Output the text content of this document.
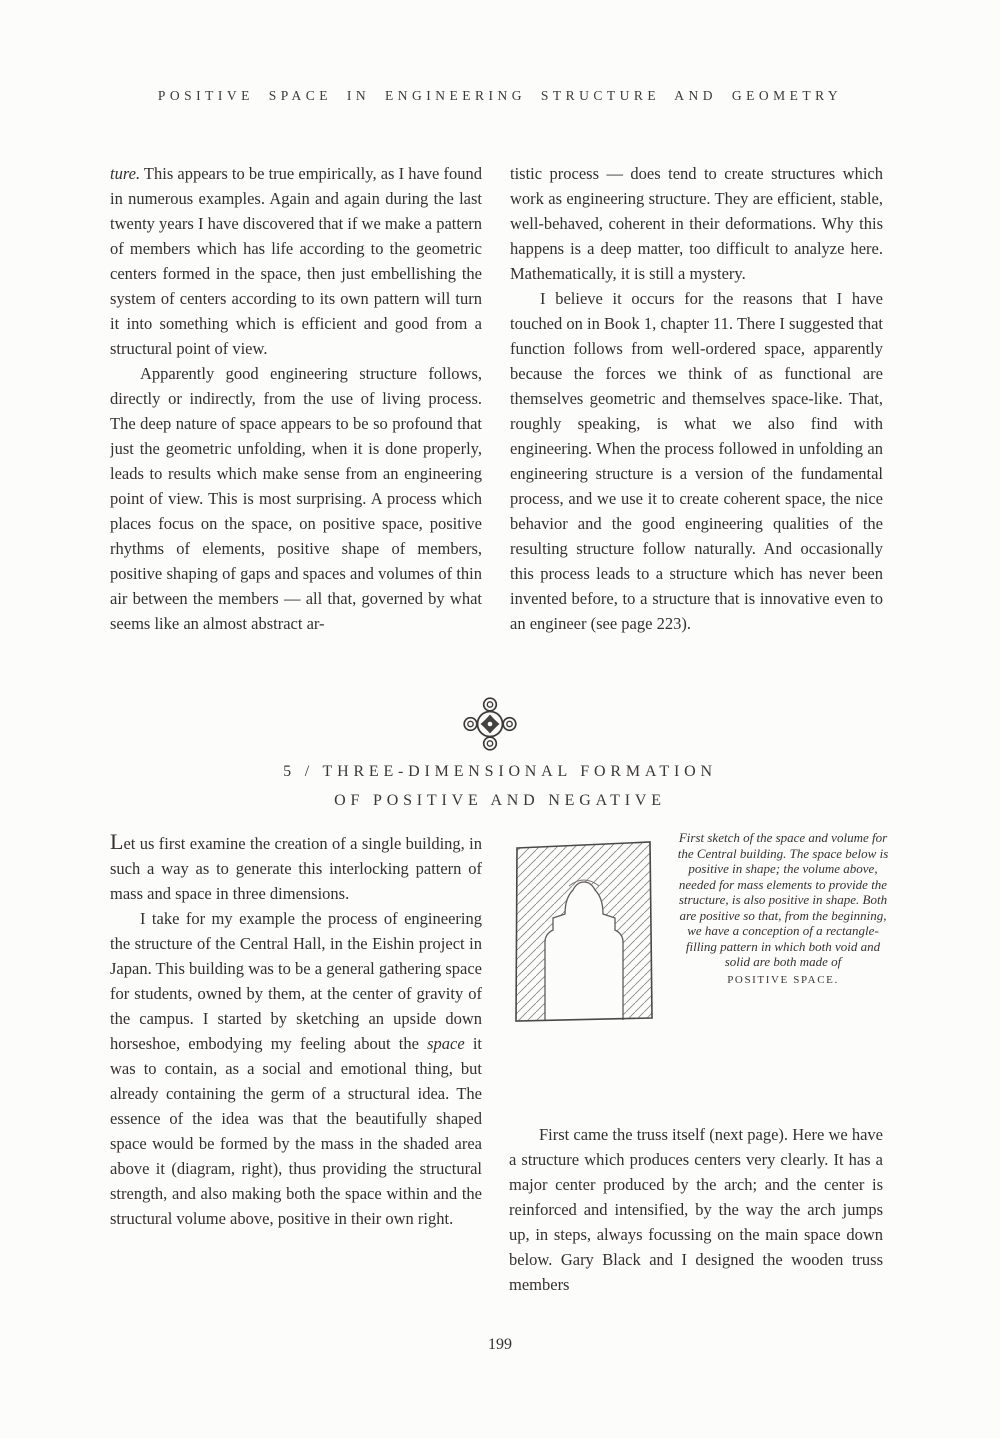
POSITIVE SPACE IN ENGINEERING STRUCTURE AND GEOMETRY

ture. This appears to be true empirically, as I have found in numerous examples. Again and again during the last twenty years I have discovered that if we make a pattern of members which has life according to the geometric centers formed in the space, then just embellishing the system of centers according to its own pattern will turn it into something which is efficient and good from a structural point of view.

Apparently good engineering structure follows, directly or indirectly, from the use of living process. The deep nature of space appears to be so profound that just the geometric unfolding, when it is done properly, leads to results which make sense from an engineering point of view. This is most surprising. A process which places focus on the space, on positive space, positive rhythms of elements, positive shape of members, positive shaping of gaps and spaces and volumes of thin air between the members — all that, governed by what seems like an almost abstract ar-

tistic process — does tend to create structures which work as engineering structure. They are efficient, stable, well-behaved, coherent in their deformations. Why this happens is a deep matter, too difficult to analyze here. Mathematically, it is still a mystery.

I believe it occurs for the reasons that I have touched on in Book 1, chapter 11. There I suggested that function follows from well-ordered space, apparently because the forces we think of as functional are themselves geometric and themselves space-like. That, roughly speaking, is what we also find with engineering. When the process followed in unfolding an engineering structure is a version of the fundamental process, and we use it to create coherent space, the nice behavior and the good engineering qualities of the resulting structure follow naturally. And occasionally this process leads to a structure which has never been invented before, to a structure that is innovative even to an engineer (see page 223).

5 / THREE-DIMENSIONAL FORMATION
OF POSITIVE AND NEGATIVE

Let us first examine the creation of a single building, in such a way as to generate this interlocking pattern of mass and space in three dimensions.

I take for my example the process of engineering the structure of the Central Hall, in the Eishin project in Japan. This building was to be a general gathering space for students, owned by them, at the center of gravity of the campus. I started by sketching an upside down horseshoe, embodying my feeling about the space it was to contain, as a social and emotional thing, but already containing the germ of a structural idea. The essence of the idea was that the beautifully shaped space would be formed by the mass in the shaded area above it (diagram, right), thus providing the structural strength, and also making both the space within and the structural volume above, positive in their own right.

First sketch of the space and volume for the Central building. The space below is positive in shape; the volume above, needed for mass elements to provide the structure, is also positive in shape. Both are positive so that, from the beginning, we have a conception of a rectangle-filling pattern in which both void and solid are both made of
POSITIVE SPACE.

First came the truss itself (next page). Here we have a structure which produces centers very clearly. It has a major center produced by the arch; and the center is reinforced and intensified, by the way the arch jumps up, in steps, always focussing on the main space down below. Gary Black and I designed the wooden truss members

199
